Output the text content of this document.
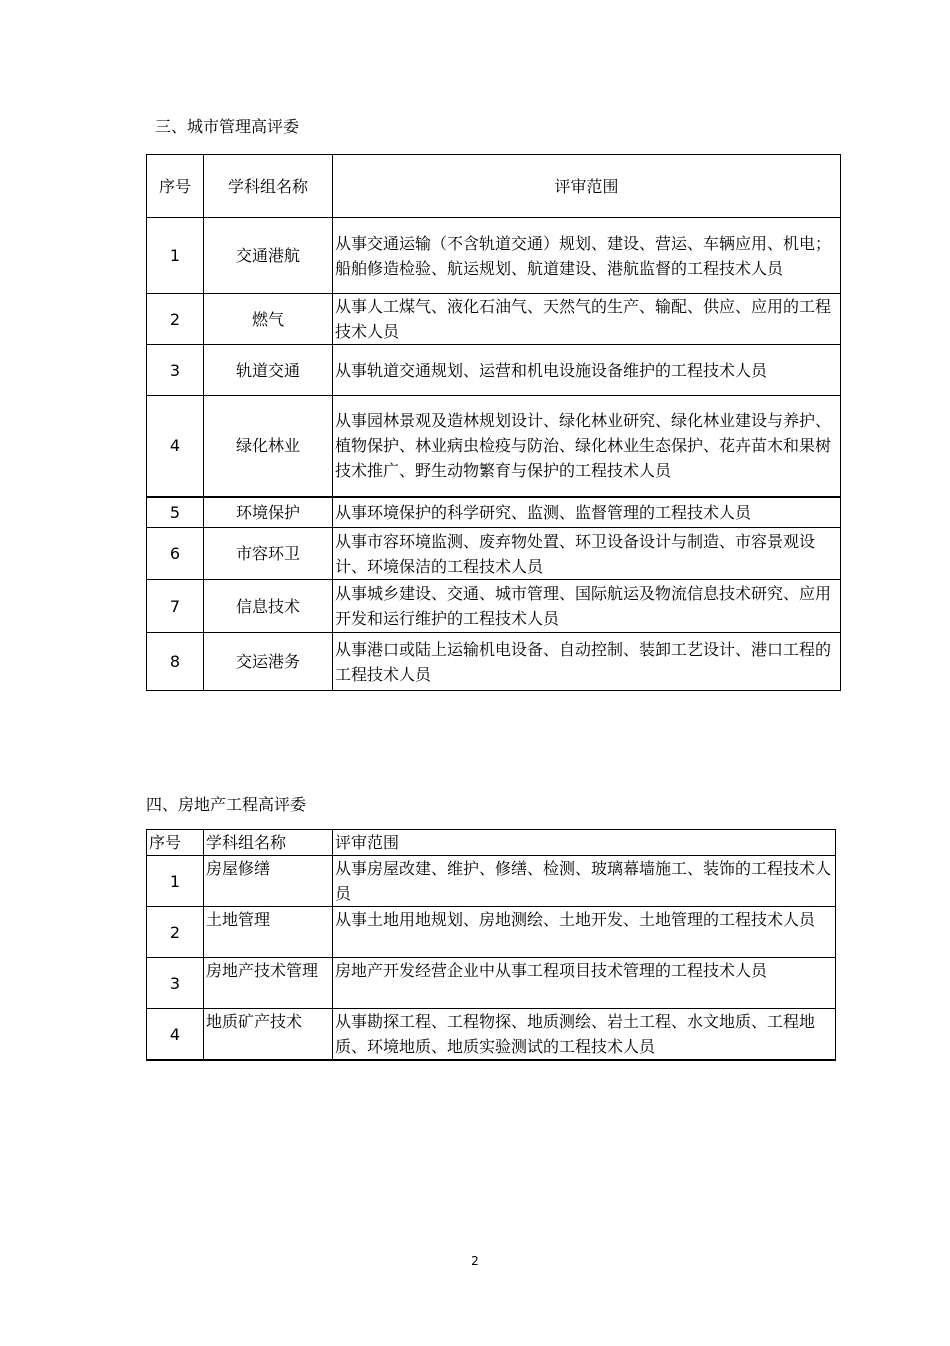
三、城市管理高评委
序号	学科组名称	评审范围
1	交通港航	从事交通运输（不含轨道交通）规划、建设、营运、车辆应用、机电；船舶修造检验、航运规划、航道建设、港航监督的工程技术人员
2	燃气	从事人工煤气、液化石油气、天然气的生产、输配、供应、应用的工程技术人员
3	轨道交通	从事轨道交通规划、运营和机电设施设备维护的工程技术人员
4	绿化林业	从事园林景观及造林规划设计、绿化林业研究、绿化林业建设与养护、植物保护、林业病虫检疫与防治、绿化林业生态保护、花卉苗木和果树技术推广、野生动物繁育与保护的工程技术人员
5	环境保护	从事环境保护的科学研究、监测、监督管理的工程技术人员
6	市容环卫	从事市容环境监测、废弃物处置、环卫设备设计与制造、市容景观设计、环境保洁的工程技术人员
7	信息技术	从事城乡建设、交通、城市管理、国际航运及物流信息技术研究、应用开发和运行维护的工程技术人员
8	交运港务	从事港口或陆上运输机电设备、自动控制、装卸工艺设计、港口工程的工程技术人员
四、房地产工程高评委
序号	学科组名称	评审范围
1	房屋修缮	从事房屋改建、维护、修缮、检测、玻璃幕墙施工、装饰的工程技术人员
2	土地管理	从事土地用地规划、房地测绘、土地开发、土地管理的工程技术人员
3	房地产技术管理	房地产开发经营企业中从事工程项目技术管理的工程技术人员
4	地质矿产技术	从事勘探工程、工程物探、地质测绘、岩土工程、水文地质、工程地质、环境地质、地质实验测试的工程技术人员
2
